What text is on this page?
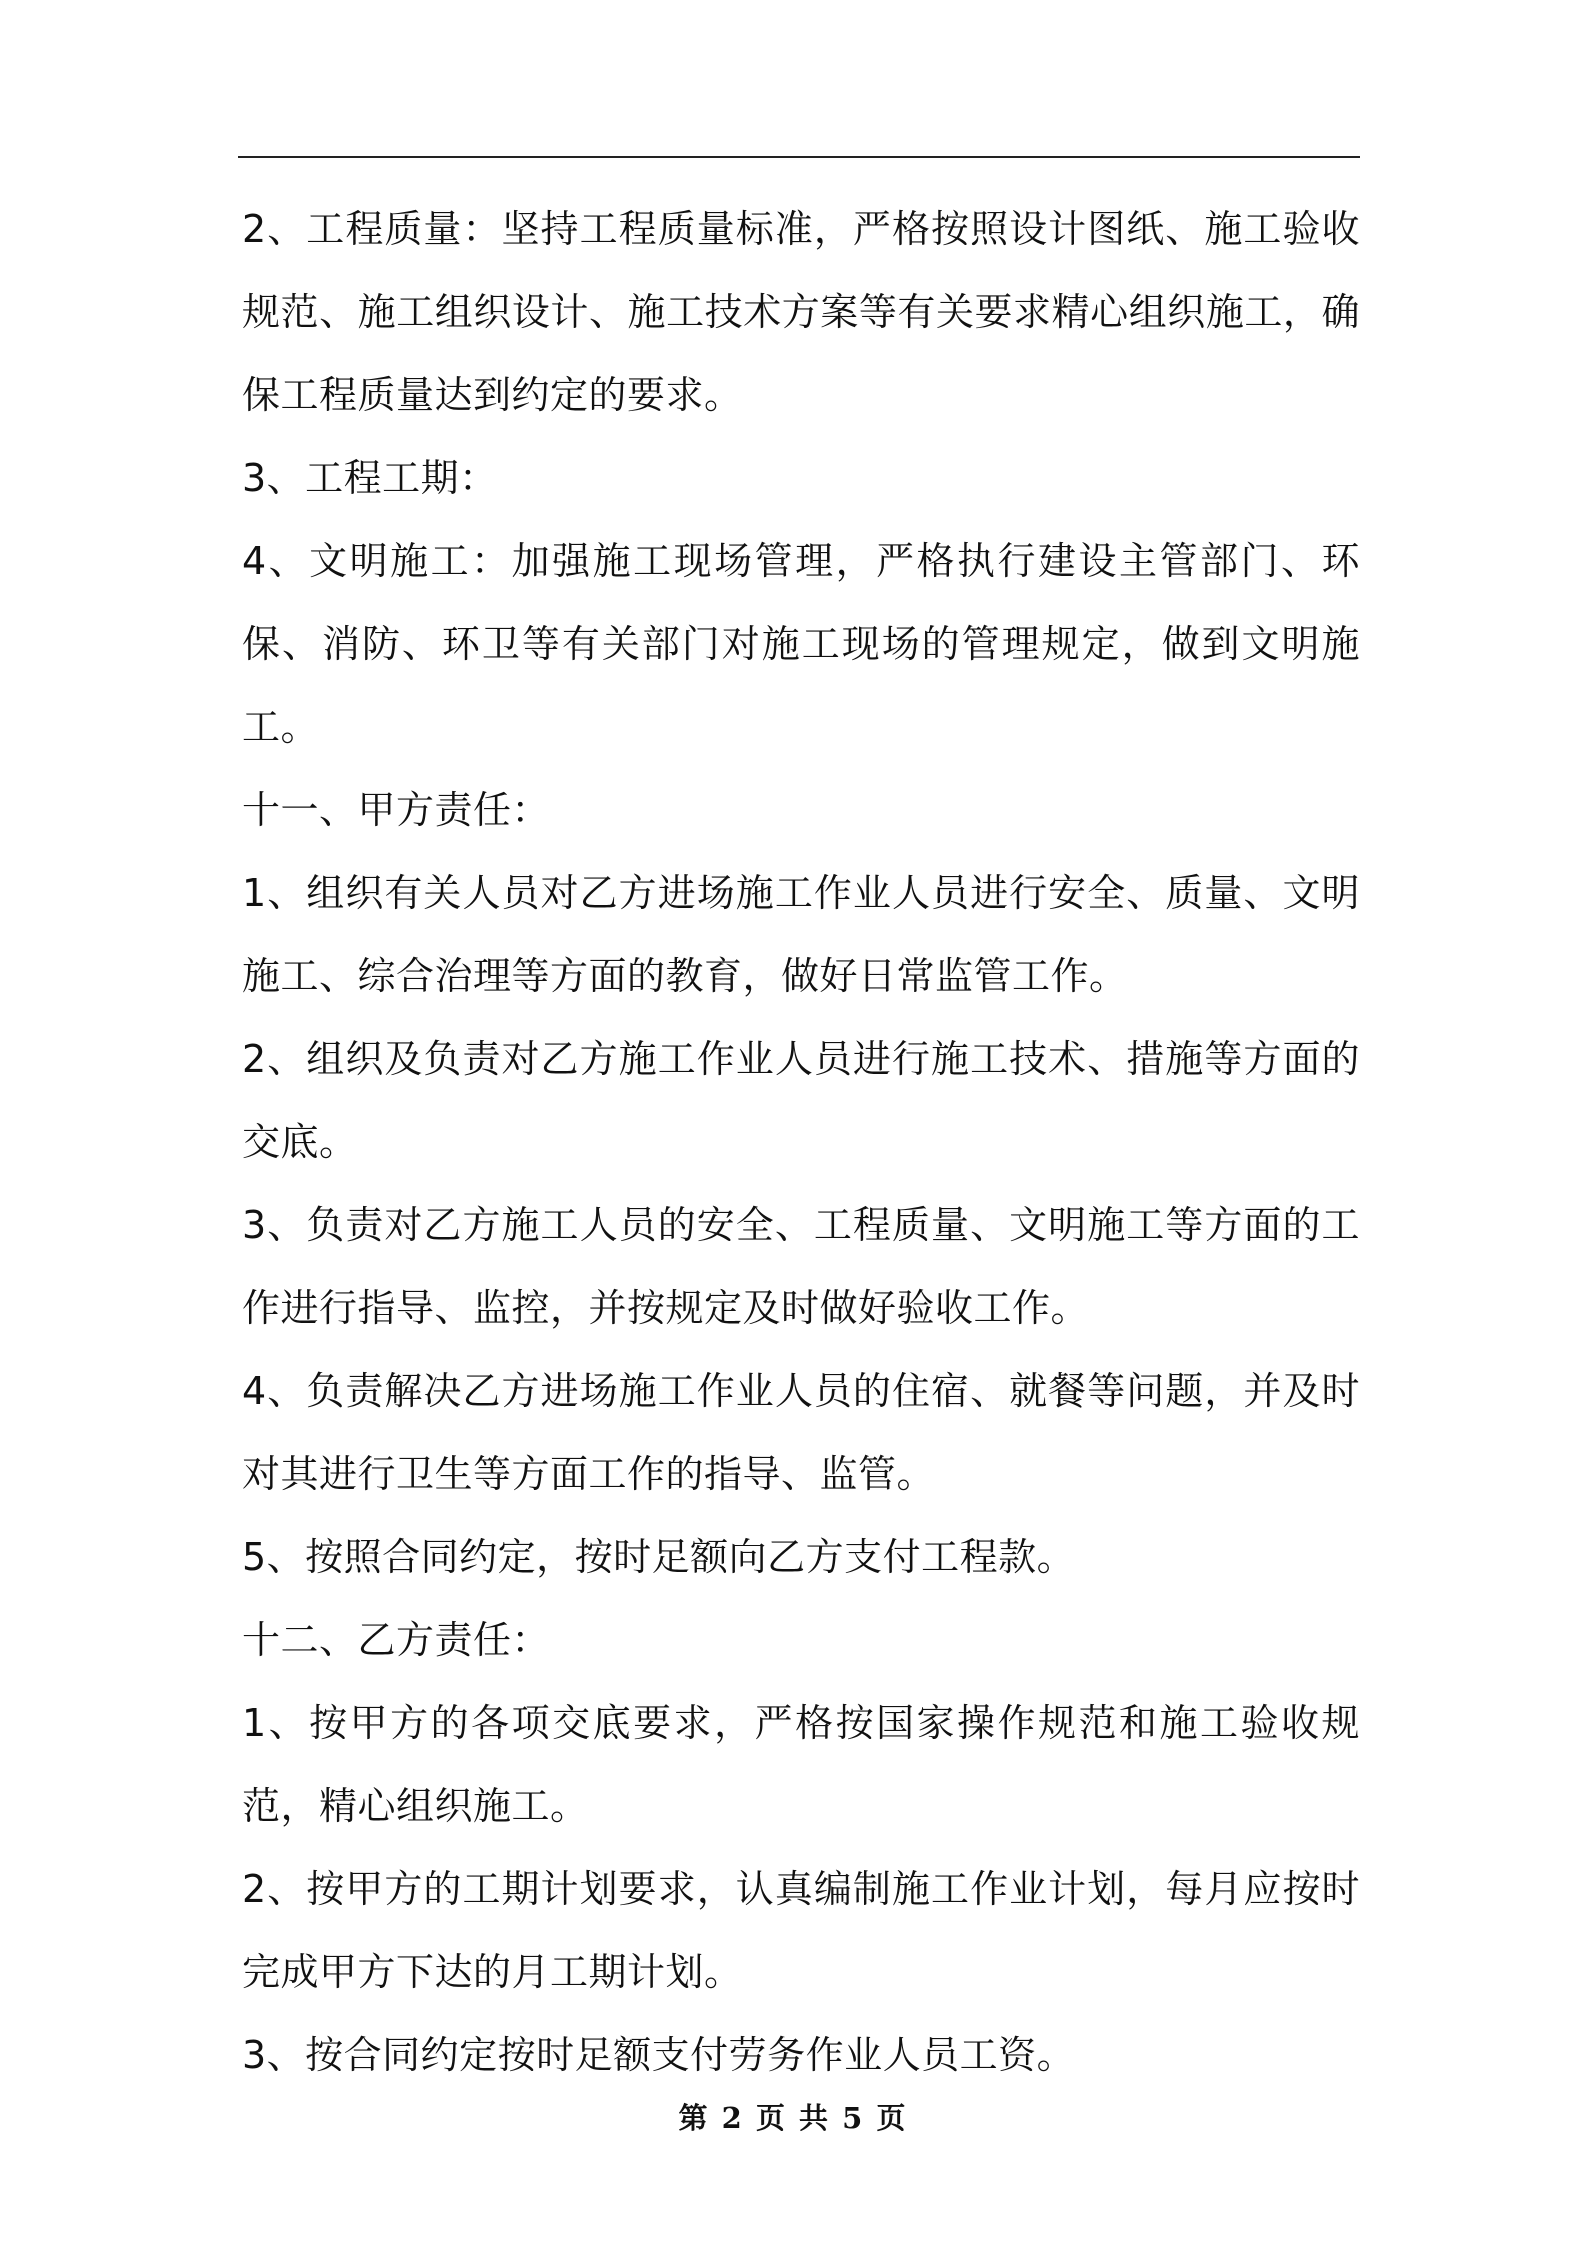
2、工程质量：坚持工程质量标准，严格按照设计图纸、施工验收规范、施工组织设计、施工技术方案等有关要求精心组织施工，确保工程质量达到约定的要求。

3、工程工期：

4、文明施工：加强施工现场管理，严格执行建设主管部门、环保、消防、环卫等有关部门对施工现场的管理规定，做到文明施工。

十一、甲方责任：

1、组织有关人员对乙方进场施工作业人员进行安全、质量、文明施工、综合治理等方面的教育，做好日常监管工作。

2、组织及负责对乙方施工作业人员进行施工技术、措施等方面的交底。

3、负责对乙方施工人员的安全、工程质量、文明施工等方面的工作进行指导、监控，并按规定及时做好验收工作。

4、负责解决乙方进场施工作业人员的住宿、就餐等问题，并及时对其进行卫生等方面工作的指导、监管。

5、按照合同约定，按时足额向乙方支付工程款。

十二、乙方责任：

1、按甲方的各项交底要求，严格按国家操作规范和施工验收规范，精心组织施工。

2、按甲方的工期计划要求，认真编制施工作业计划，每月应按时完成甲方下达的月工期计划。

3、按合同约定按时足额支付劳务作业人员工资。

第 2 页 共 5 页
